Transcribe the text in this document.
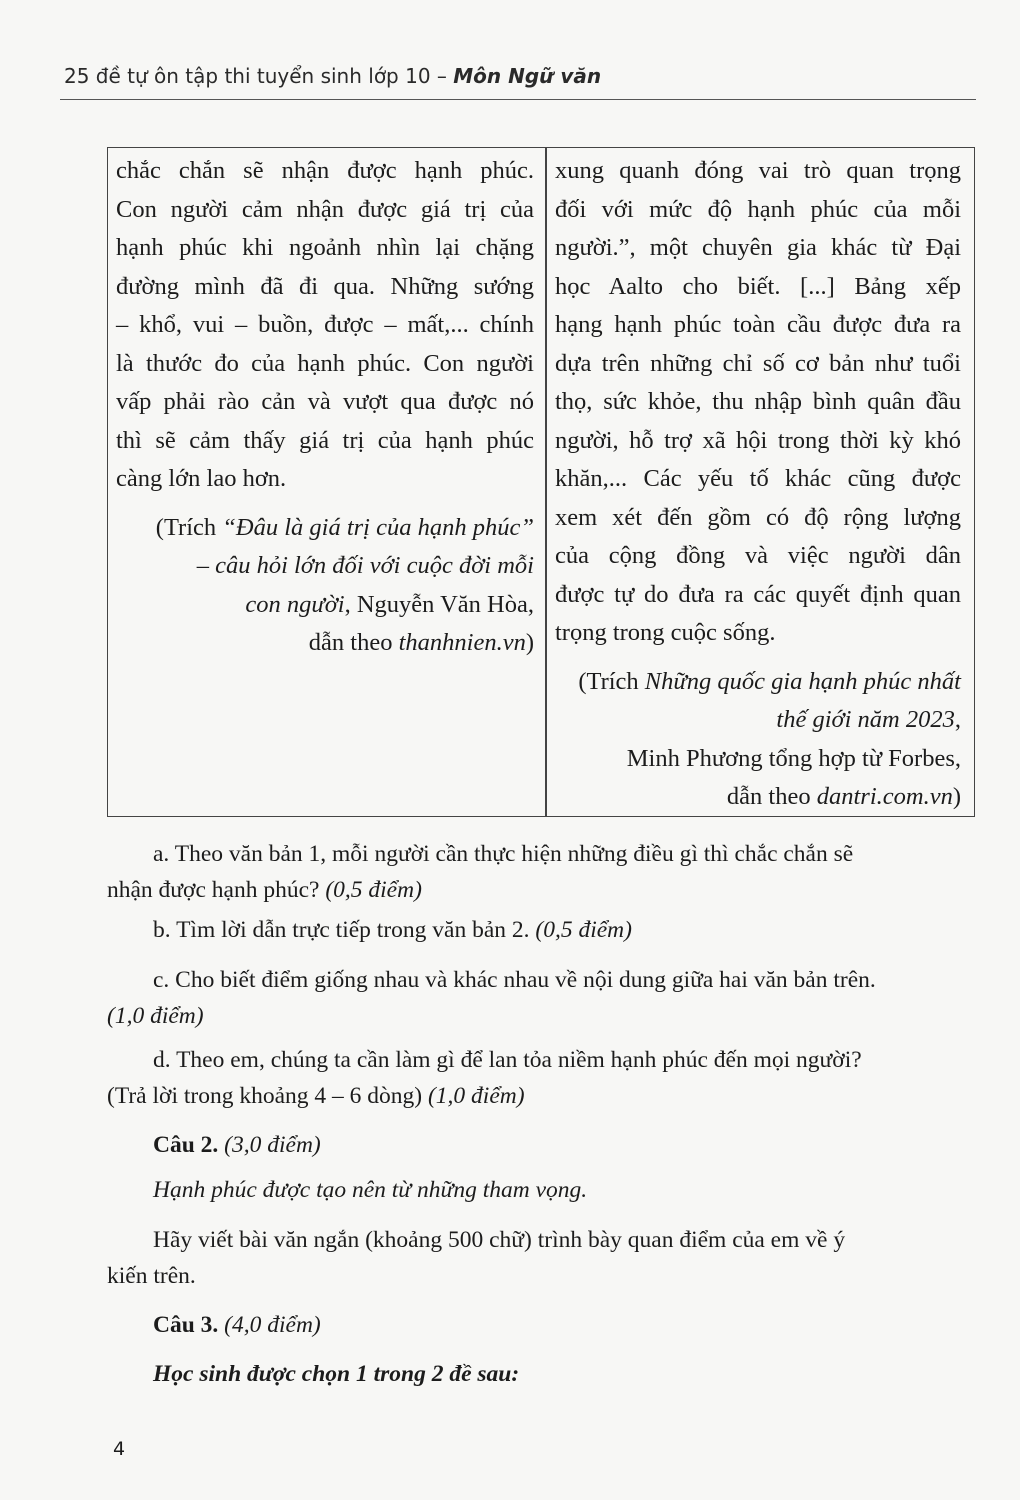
25 đề tự ôn tập thi tuyển sinh lớp 10 – Môn Ngữ văn
chắc chắn sẽ nhận được hạnh phúc.
Con người cảm nhận được giá trị của
hạnh phúc khi ngoảnh nhìn lại chặng
đường mình đã đi qua. Những sướng
– khổ, vui – buồn, được – mất,... chính
là thước đo của hạnh phúc. Con người
vấp phải rào cản và vượt qua được nó
thì sẽ cảm thấy giá trị của hạnh phúc
càng lớn lao hơn.
(Trích “Đâu là giá trị của hạnh phúc”
– câu hỏi lớn đối với cuộc đời mỗi
con người, Nguyễn Văn Hòa,
dẫn theo thanhnien.vn)
xung quanh đóng vai trò quan trọng
đối với mức độ hạnh phúc của mỗi
người.”, một chuyên gia khác từ Đại
học Aalto cho biết. [...] Bảng xếp
hạng hạnh phúc toàn cầu được đưa ra
dựa trên những chỉ số cơ bản như tuổi
thọ, sức khỏe, thu nhập bình quân đầu
người, hỗ trợ xã hội trong thời kỳ khó
khăn,... Các yếu tố khác cũng được
xem xét đến gồm có độ rộng lượng
của cộng đồng và việc người dân
được tự do đưa ra các quyết định quan
trọng trong cuộc sống.
(Trích Những quốc gia hạnh phúc nhất
thế giới năm 2023,
Minh Phương tổng hợp từ Forbes,
dẫn theo dantri.com.vn)
a. Theo văn bản 1, mỗi người cần thực hiện những điều gì thì chắc chắn sẽ
nhận được hạnh phúc? (0,5 điểm)
b. Tìm lời dẫn trực tiếp trong văn bản 2. (0,5 điểm)
c. Cho biết điểm giống nhau và khác nhau về nội dung giữa hai văn bản trên.
(1,0 điểm)
d. Theo em, chúng ta cần làm gì để lan tỏa niềm hạnh phúc đến mọi người?
(Trả lời trong khoảng 4 – 6 dòng) (1,0 điểm)
Câu 2. (3,0 điểm)
Hạnh phúc được tạo nên từ những tham vọng.
Hãy viết bài văn ngắn (khoảng 500 chữ) trình bày quan điểm của em về ý
kiến trên.
Câu 3. (4,0 điểm)
Học sinh được chọn 1 trong 2 đề sau:
4
